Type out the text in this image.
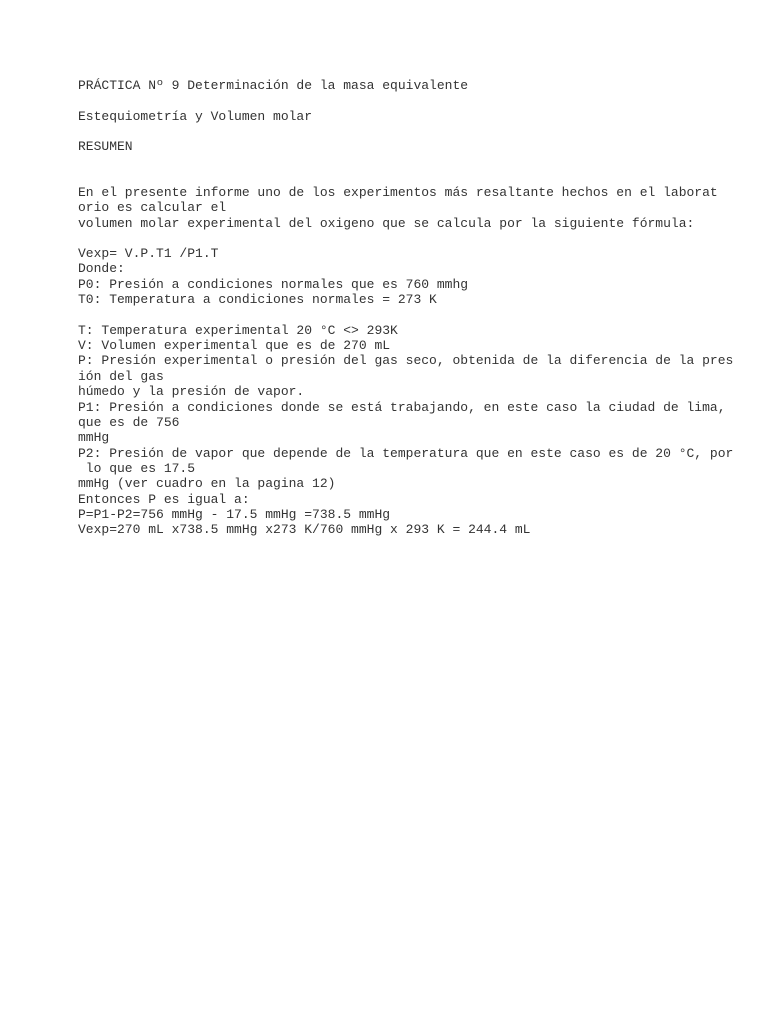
PRÁCTICA Nº 9 Determinación de la masa equivalente

Estequiometría y Volumen molar

RESUMEN

En el presente informe uno de los experimentos más resaltante hechos en el laborat

orio es calcular el

volumen molar experimental del oxigeno que se calcula por la siguiente fórmula:

Vexp= V.P.T1 /P1.T

Donde:

P0: Presión a condiciones normales que es 760 mmhg

T0: Temperatura a condiciones normales = 273 K

T: Temperatura experimental 20 °C <> 293K

V: Volumen experimental que es de 270 mL

P: Presión experimental o presión del gas seco, obtenida de la diferencia de la pres

ión del gas

húmedo y la presión de vapor.

P1: Presión a condiciones donde se está trabajando, en este caso la ciudad de lima,

que es de 756

mmHg

P2: Presión de vapor que depende de la temperatura que en este caso es de 20 °C, por

lo que es 17.5

mmHg (ver cuadro en la pagina 12)

Entonces P es igual a:

P=P1-P2=756 mmHg - 17.5 mmHg =738.5 mmHg

Vexp=270 mL x738.5 mmHg x273 K/760 mmHg x 293 K = 244.4 mL
